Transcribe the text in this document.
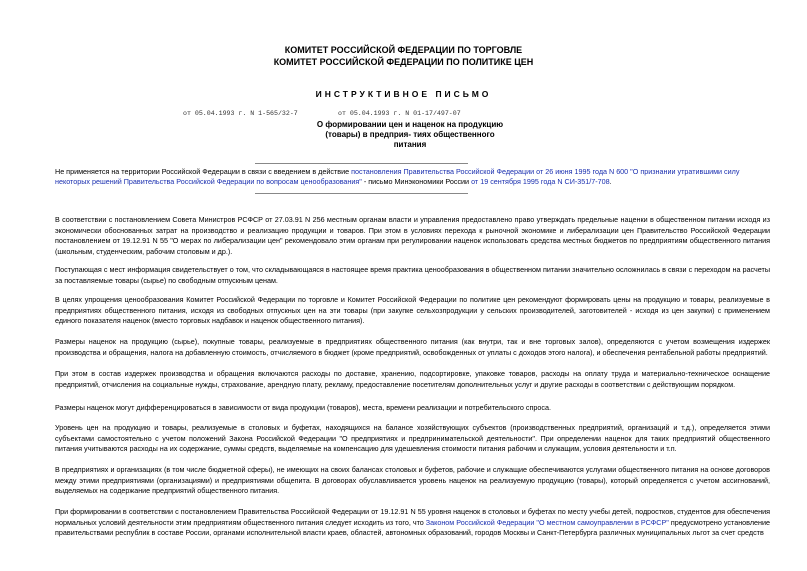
КОМИТЕТ РОССИЙСКОЙ ФЕДЕРАЦИИ ПО ТОРГОВЛЕ
КОМИТЕТ РОССИЙСКОЙ ФЕДЕРАЦИИ ПО ПОЛИТИКЕ ЦЕН
ИНСТРУКТИВНОЕ ПИСЬМО
от 05.04.1993 г. N 1-565/32-7	от 05.04.1993 г. N 01-17/497-07
О формировании цен и наценок на продукцию (товары) в предприя- тиях общественного питания
Не применяется на территории Российской Федерации в связи с введением в действие постановления Правительства Российской Федерации от 26 июня 1995 года N 600 "О признании утратившими силу некоторых решений Правительства Российской Федерации по вопросам ценообразования" - письмо Минэкономики России от 19 сентября 1995 года N СИ-351/7-708.
В соответствии с постановлением Совета Министров РСФСР от 27.03.91 N 256 местным органам власти и управления предоставлено право утверждать предельные наценки в общественном питании исходя из экономически обоснованных затрат на производство и реализацию продукции и товаров. При этом в условиях перехода к рыночной экономике и либерализации цен Правительство Российской Федерации постановлением от 19.12.91 N 55 "О мерах по либерализации цен" рекомендовало этим органам при регулировании наценок использовать средства местных бюджетов по предприятиям общественного питания (школьным, студенческим, рабочим столовым и др.).
Поступающая с мест информация свидетельствует о том, что складывающаяся в настоящее время практика ценообразования в общественном питании значительно осложнилась в связи с переходом на расчеты за поставляемые товары (сырье) по свободным отпускным ценам.
В целях упрощения ценообразования Комитет Российской Федерации по торговле и Комитет Российской Федерации по политике цен рекомендуют формировать цены на продукцию и товары, реализуемые в предприятиях общественного питания, исходя из свободных отпускных цен на эти товары (при закупке сельхозпродукции у сельских производителей, заготовителей - исходя из цен закупки) с применением единого показателя наценок (вместо торговых надбавок и наценок общественного питания).
Размеры наценок на продукцию (сырье), покупные товары, реализуемые в предприятиях общественного питания (как внутри, так и вне торговых залов), определяются с учетом возмещения издержек производства и обращения, налога на добавленную стоимость, отчисляемого в бюджет (кроме предприятий, освобожденных от уплаты с доходов этого налога), и обеспечения рентабельной работы предприятий.
При этом в состав издержек производства и обращения включаются расходы по доставке, хранению, подсортировке, упаковке товаров, расходы на оплату труда и материально-техническое оснащение предприятий, отчисления на социальные нужды, страхование, арендную плату, рекламу, предоставление посетителям дополнительных услуг и другие расходы в соответствии с действующим порядком.
Размеры наценок могут дифференцироваться в зависимости от вида продукции (товаров), места, времени реализации и потребительского спроса.
Уровень цен на продукцию и товары, реализуемые в столовых и буфетах, находящихся на балансе хозяйствующих субъектов (производственных предприятий, организаций и т.д.), определяется этими субъектами самостоятельно с учетом положений Закона Российской Федерации "О предприятиях и предпринимательской деятельности". При определении наценок для таких предприятий общественного питания учитываются расходы на их содержание, суммы средств, выделяемые на компенсацию для удешевления стоимости питания рабочим и служащим, условия деятельности и т.п.
В предприятиях и организациях (в том числе бюджетной сферы), не имеющих на своих балансах столовых и буфетов, рабочие и служащие обеспечиваются услугами общественного питания на основе договоров между этими предприятиями (организациями) и предприятиями общепита. В договорах обуславливается уровень наценок на реализуемую продукцию (товары), который определяется с учетом ассигнований, выделяемых на содержание предприятий общественного питания.
При формировании в соответствии с постановлением Правительства Российской Федерации от 19.12.91 N 55 уровня наценок в столовых и буфетах по месту учебы детей, подростков, студентов для обеспечения нормальных условий деятельности этим предприятиям общественного питания следует исходить из того, что Законом Российской Федерации "О местном самоуправлении в РСФСР" предусмотрено установление правительствами республик в составе России, органами исполнительной власти краев, областей, автономных образований, городов Москвы и Санкт-Петербурга различных муниципальных льгот за счет средств
